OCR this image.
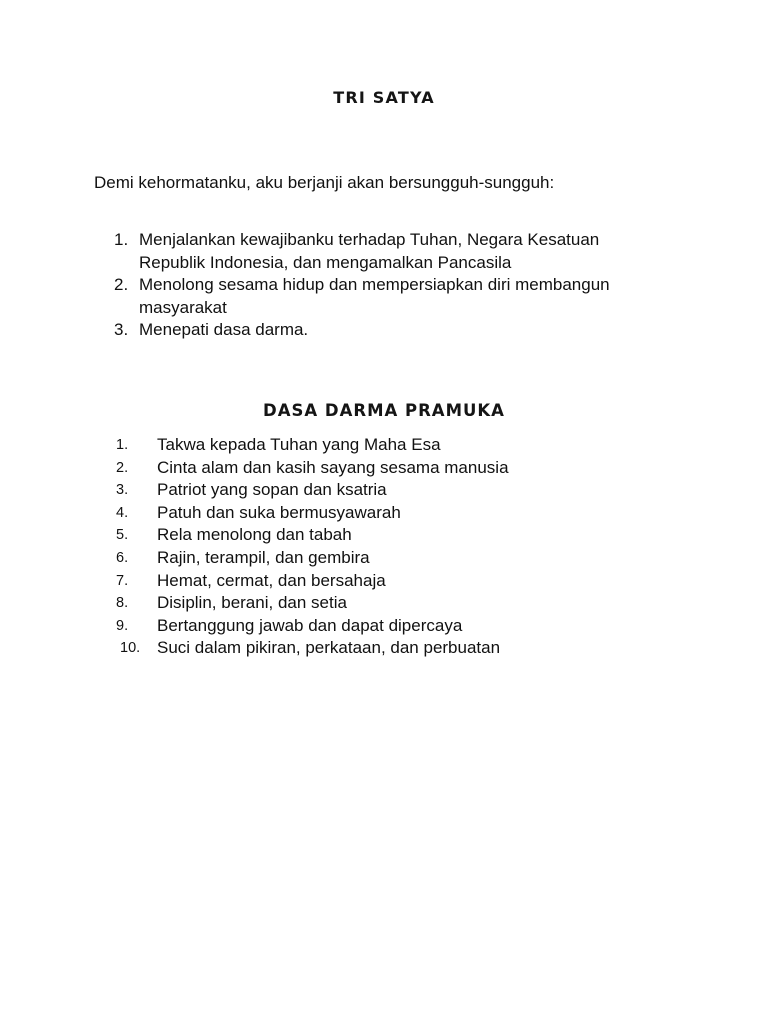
TRI SATYA
Demi kehormatanku, aku berjanji akan bersungguh-sungguh:
1. Menjalankan kewajibanku terhadap Tuhan, Negara Kesatuan Republik Indonesia, dan mengamalkan Pancasila
2. Menolong sesama hidup dan mempersiapkan diri membangun masyarakat
3. Menepati dasa darma.
DASA DARMA PRAMUKA
1. Takwa kepada Tuhan yang Maha Esa
2. Cinta alam dan kasih sayang sesama manusia
3. Patriot yang sopan dan ksatria
4. Patuh dan suka bermusyawarah
5. Rela menolong dan tabah
6. Rajin, terampil, dan gembira
7. Hemat, cermat, dan bersahaja
8. Disiplin, berani, dan setia
9. Bertanggung jawab dan dapat dipercaya
10. Suci dalam pikiran, perkataan, dan perbuatan
